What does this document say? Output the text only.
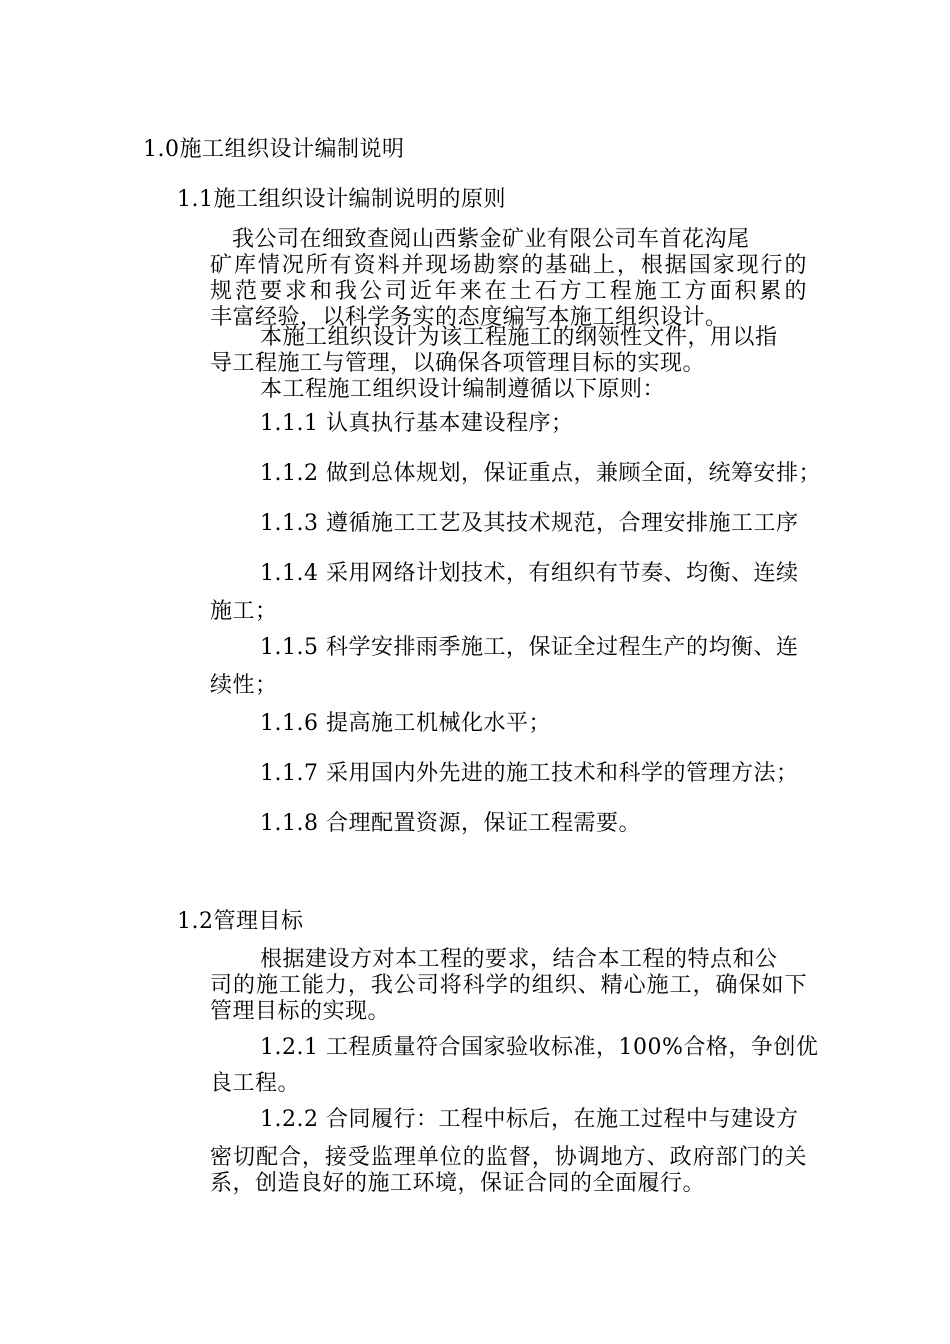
1.0施工组织设计编制说明
1.1施工组织设计编制说明的原则
我公司在细致查阅山西紫金矿业有限公司车首花沟尾
矿库情况所有资料并现场勘察的基础上，根据国家现行的
规范要求和我公司近年来在土石方工程施工方面积累的
丰富经验，以科学务实的态度编写本施工组织设计。
本施工组织设计为该工程施工的纲领性文件，用以指
导工程施工与管理，以确保各项管理目标的实现。
本工程施工组织设计编制遵循以下原则：
1.1.1 认真执行基本建设程序；
1.1.2 做到总体规划，保证重点，兼顾全面，统筹安排；
1.1.3 遵循施工工艺及其技术规范，合理安排施工工序
1.1.4 采用网络计划技术，有组织有节奏、均衡、连续
施工；
1.1.5 科学安排雨季施工，保证全过程生产的均衡、连
续性；
1.1.6 提高施工机械化水平；
1.1.7 采用国内外先进的施工技术和科学的管理方法；
1.1.8 合理配置资源，保证工程需要。
1.2管理目标
根据建设方对本工程的要求，结合本工程的特点和公
司的施工能力，我公司将科学的组织、精心施工，确保如下
管理目标的实现。
1.2.1 工程质量符合国家验收标准，100%合格，争创优
良工程。
1.2.2 合同履行：工程中标后，在施工过程中与建设方
密切配合，接受监理单位的监督，协调地方、政府部门的关
系，创造良好的施工环境，保证合同的全面履行。
